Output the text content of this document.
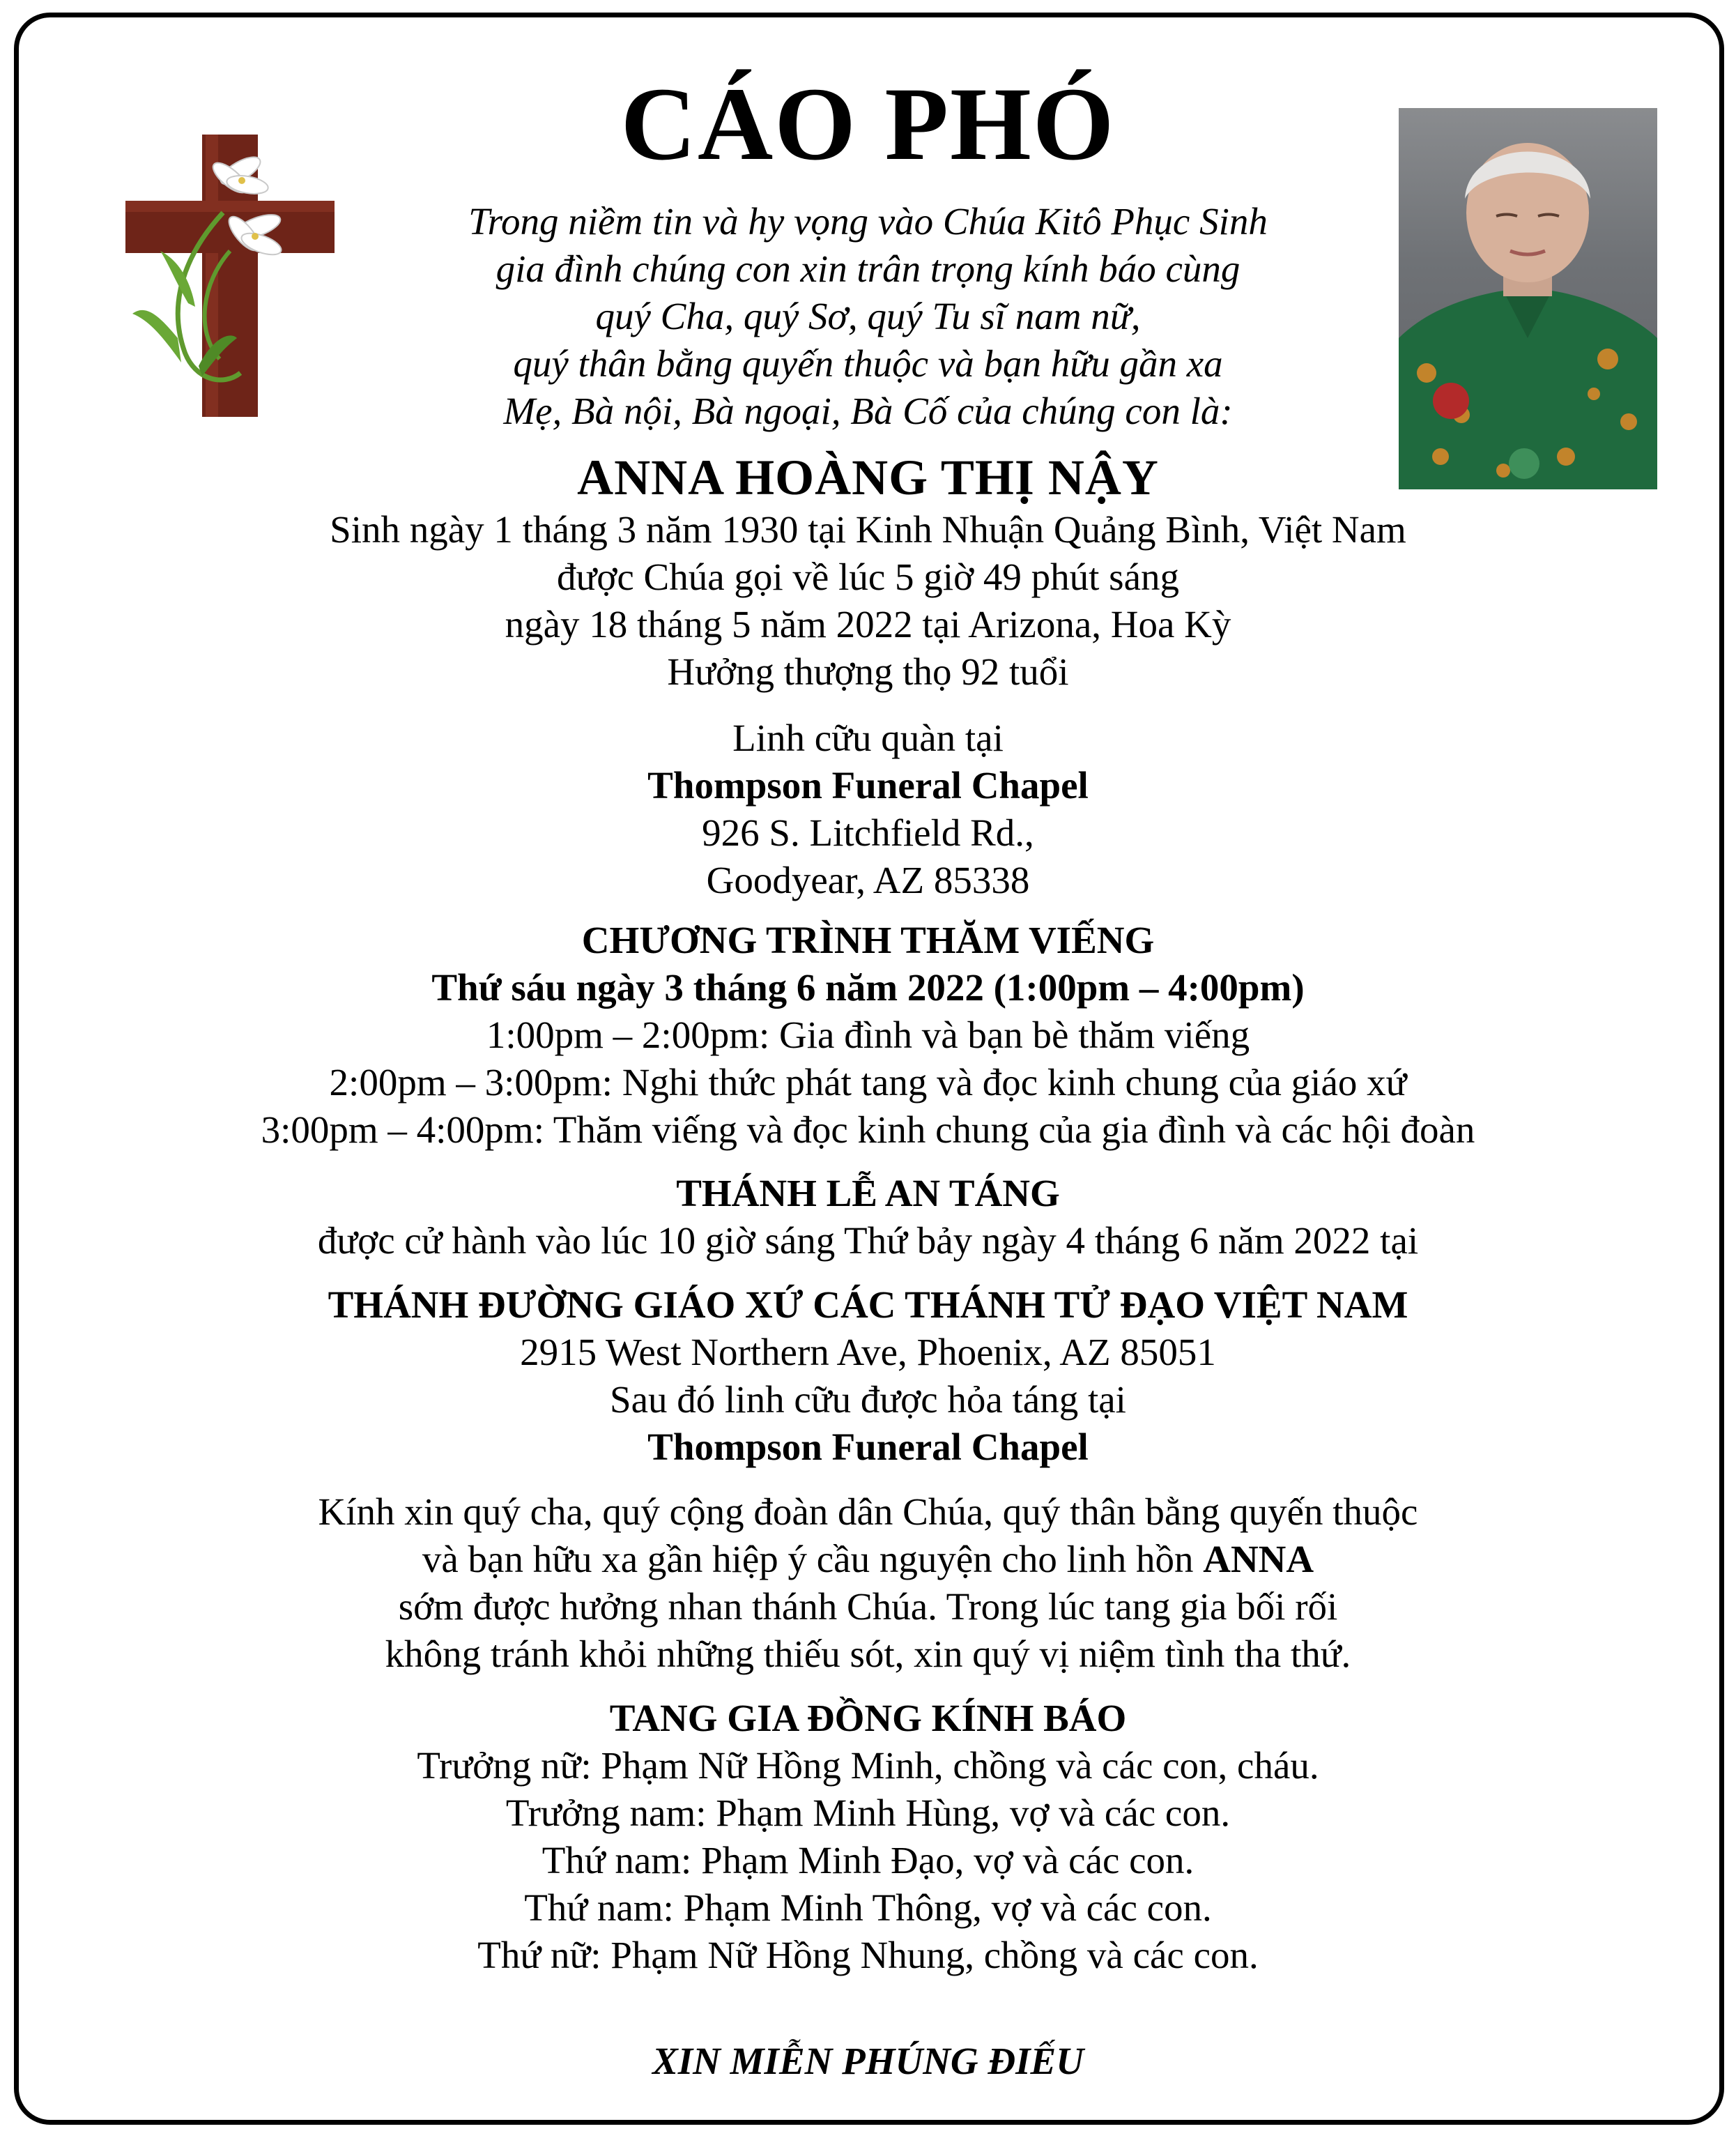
CÁO PHÓ
Trong niềm tin và hy vọng vào Chúa Kitô Phục Sinh
gia đình chúng con xin trân trọng kính báo cùng
quý Cha, quý Sơ, quý Tu sĩ nam nữ,
quý thân bằng quyến thuộc và bạn hữu gần xa
Mẹ, Bà nội, Bà ngoại, Bà Cố của chúng con là:
ANNA HOÀNG THỊ NẬY
Sinh ngày 1 tháng 3 năm 1930 tại Kinh Nhuận Quảng Bình, Việt Nam
được Chúa gọi về lúc 5 giờ 49 phút sáng
ngày 18 tháng 5 năm 2022 tại Arizona, Hoa Kỳ
Hưởng thượng thọ 92 tuổi
Linh cữu quàn tại
Thompson Funeral Chapel
926 S. Litchfield Rd.,
Goodyear, AZ 85338
CHƯƠNG TRÌNH THĂM VIẾNG
Thứ sáu ngày 3 tháng 6 năm 2022 (1:00pm – 4:00pm)
1:00pm – 2:00pm: Gia đình và bạn bè thăm viếng
2:00pm – 3:00pm: Nghi thức phát tang và đọc kinh chung của giáo xứ
3:00pm – 4:00pm: Thăm viếng và đọc kinh chung của gia đình và các hội đoàn
THÁNH LỄ AN TÁNG
được cử hành vào lúc 10 giờ sáng Thứ bảy ngày 4 tháng 6 năm 2022 tại
THÁNH ĐƯỜNG GIÁO XỨ CÁC THÁNH TỬ ĐẠO VIỆT NAM
2915 West Northern Ave, Phoenix, AZ 85051
Sau đó linh cữu được hỏa táng tại
Thompson Funeral Chapel
Kính xin quý cha, quý cộng đoàn dân Chúa, quý thân bằng quyến thuộc
và bạn hữu xa gần hiệp ý cầu nguyện cho linh hồn ANNA
sớm được hưởng nhan thánh Chúa. Trong lúc tang gia bối rối
không tránh khỏi những thiếu sót, xin quý vị niệm tình tha thứ.
TANG GIA ĐỒNG KÍNH BÁO
Trưởng nữ: Phạm Nữ Hồng Minh, chồng và các con, cháu.
Trưởng nam: Phạm Minh Hùng, vợ và các con.
Thứ nam: Phạm Minh Đạo, vợ và các con.
Thứ nam: Phạm Minh Thông, vợ và các con.
Thứ nữ: Phạm Nữ Hồng Nhung, chồng và các con.
XIN MIỄN PHÚNG ĐIẾU
